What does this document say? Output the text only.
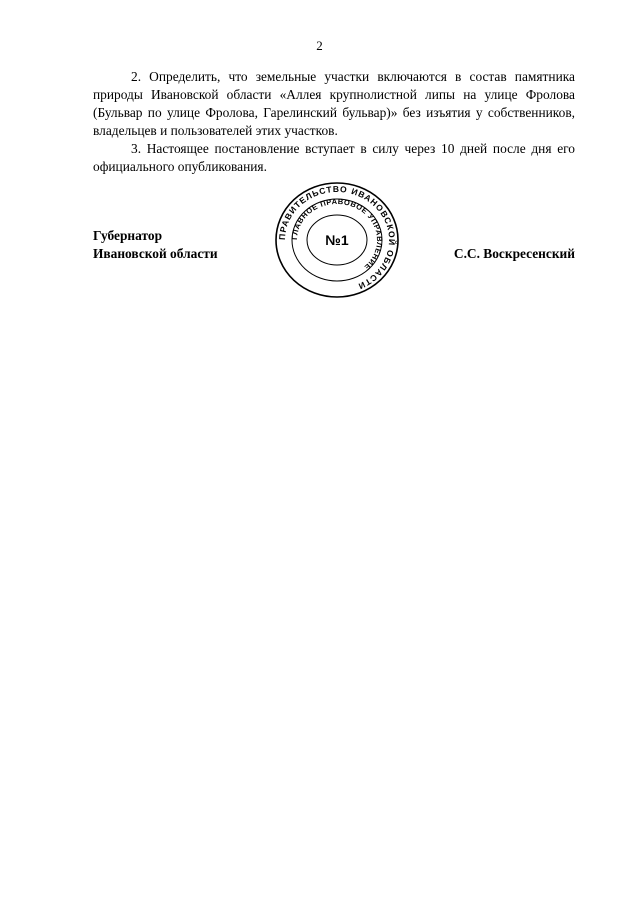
2

2. Определить, что земельные участки включаются в состав памятника природы Ивановской области «Аллея крупнолистной липы на улице Фролова (Бульвар по улице Фролова, Гарелинский бульвар)» без изъятия у собственников, владельцев и пользователей этих участков.

3. Настоящее постановление вступает в силу через 10 дней после дня его официального опубликования.

Губернатор
Ивановской области
ПРАВИТЕЛЬСТВО ИВАНОВСКОЙ ОБЛАСТИ
ГЛАВНОЕ ПРАВОВОЕ УПРАВЛЕНИЕ
№1
С.С. Воскресенский
